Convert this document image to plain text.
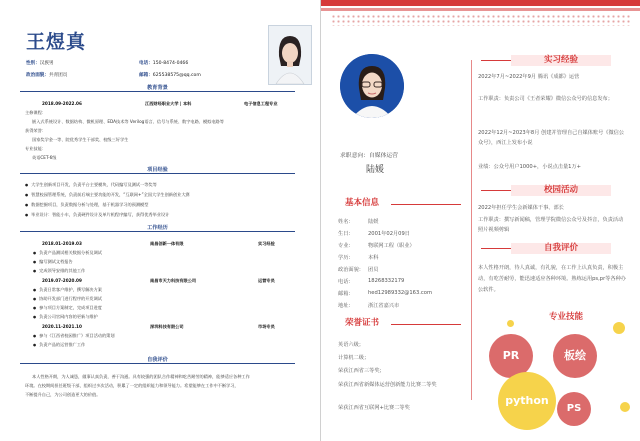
王煜真
性别：汉族男	电话：150-8474-0466
政治面貌：共青团员	邮箱：625538575@qq.com
教育背景
2018.09-2022.06	江西财经职业大学 | 本科	电子信息工程专业
主修课程：
嵌入式系统设计、数据结构、微机原理、EDA技术等 Verilog语言、信号与系统、数字电路、模拟电路等
获得荣誉：
国家奖学金一等、院优秀学生干部奖、校级三好学生
专业技能：
英语CET-6级
项目经验
● 大学生创新项目开发，负责平台主要模块，代码编写及测试一等奖等
● 智慧校园管理系统，负责前后端主要功能的开发，“互联网+”全国大学生创新创业大赛
● 数据挖掘项目，负责数据分析与处理，基于机器学习的预测模型
● 毕业设计：智能小车，负责硬件设计及单片机程序编写，获得优秀毕业设计
工作经历
2018.01-2019.03	南昌创新一体有限	实习经验
● 负责产品测试相关数据分析及调试
● 编写测试文档报告
● 完成领导安排的其他工作
2019.07-2020.09	南昌市天力科技有限公司	运营专员
● 负责日常客户维护，撰写解决方案
● 协助开发部门进行程序的开发调试
● 参与项目方案制定，完成项目进度
● 负责公司官网内容的更新与维护
2020.11-2021.10	深圳科技有限公司	市场专员
● 参与《江西省校园推广》项目活动的策划
● 负责产品的运营推广工作
自我评价
本人性格开朗，为人诚恳，做事认真负责，善于沟通。具有较强的团队合作精神和吃苦耐劳的精神，能够适应各种工作
环境。在校期间担任班级干部，组织过多次活动，积累了一定的组织能力和领导能力。希望能够在工作中不断学习，
不断提升自己，为公司创造更大的价值。
求职意向：自媒体运营
陆媛
基本信息
姓名：	陆媛
生日：	2001年02月09日
专业：	物联网工程（职业）
学历：	本科
政治面貌： 团员
电话：	18268332179
邮箱：	hed12989332@163.com
地址：	浙江省嘉兴市
荣誉证书
英语六级；
计算机二级；
荣获江西省三等奖；
荣获江西省新媒体运营创新能力比赛二等奖
荣获江西省互联网+比赛二等奖
实习经验
2022年7月~2022年9月 腾讯《成都》运营
工作职责：负责公司《王者荣耀》微信公众号的信息发布；
2022年12月~2023年8月 创建并管理自己自媒体账号《微信公众号》，西江上发布小说
业绩：公众号用户1000+，小说点击量1万+
校园活动
2022年担任学生会新媒体干事、部长
工作职责：撰写新闻稿，管理学院微信公众号及抖音，负责活动照片视频剪辑
自我评价
本人性格开朗，待人真诚，有礼貌，在工作上认真负责，积极主动，有吃苦耐劳，能迅速适应各种环境。熟练运用ps,pr等各种办公软件。
专业技能
PR	板绘
python
PS
